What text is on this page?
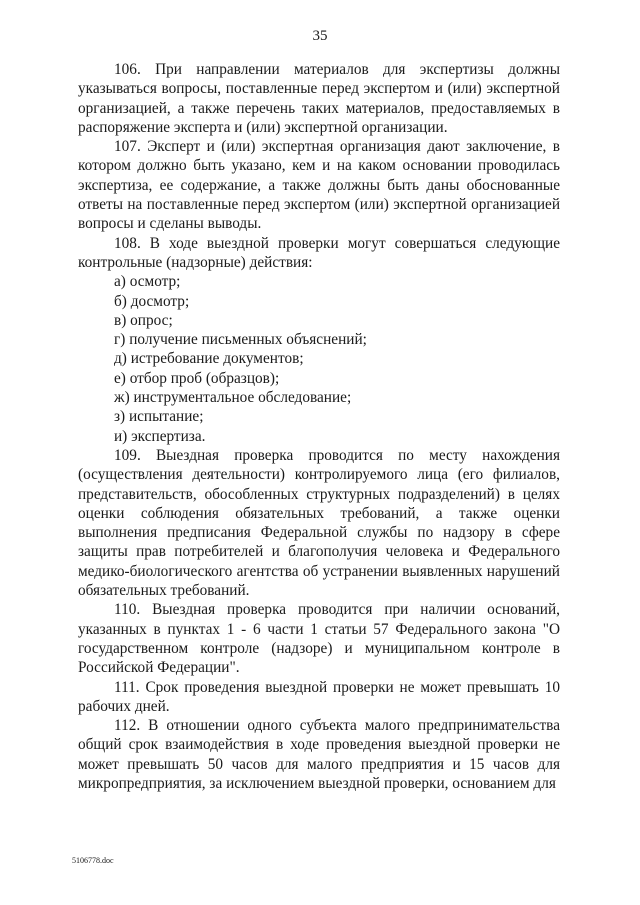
35

106. При направлении материалов для экспертизы должны указываться вопросы, поставленные перед экспертом и (или) экспертной организацией, а также перечень таких материалов, предоставляемых в распоряжение эксперта и (или) экспертной организации.

107. Эксперт и (или) экспертная организация дают заключение, в котором должно быть указано, кем и на каком основании проводилась экспертиза, ее содержание, а также должны быть даны обоснованные ответы на поставленные перед экспертом (или) экспертной организацией вопросы и сделаны выводы.

108. В ходе выездной проверки могут совершаться следующие контрольные (надзорные) действия:

а) осмотр;

б) досмотр;

в) опрос;

г) получение письменных объяснений;

д) истребование документов;

е) отбор проб (образцов);

ж) инструментальное обследование;

з) испытание;

и) экспертиза.

109. Выездная проверка проводится по месту нахождения (осуществления деятельности) контролируемого лица (его филиалов, представительств, обособленных структурных подразделений) в целях оценки соблюдения обязательных требований, а также оценки выполнения предписания Федеральной службы по надзору в сфере защиты прав потребителей и благополучия человека и Федерального медико-биологического агентства об устранении выявленных нарушений обязательных требований.

110. Выездная проверка проводится при наличии оснований, указанных в пунктах 1 - 6 части 1 статьи 57 Федерального закона "О государственном контроле (надзоре) и муниципальном контроле в Российской Федерации".

111. Срок проведения выездной проверки не может превышать 10 рабочих дней.

112. В отношении одного субъекта малого предпринимательства общий срок взаимодействия в ходе проведения выездной проверки не может превышать 50 часов для малого предприятия и 15 часов для микропредприятия, за исключением выездной проверки, основанием для

5106778.doc
